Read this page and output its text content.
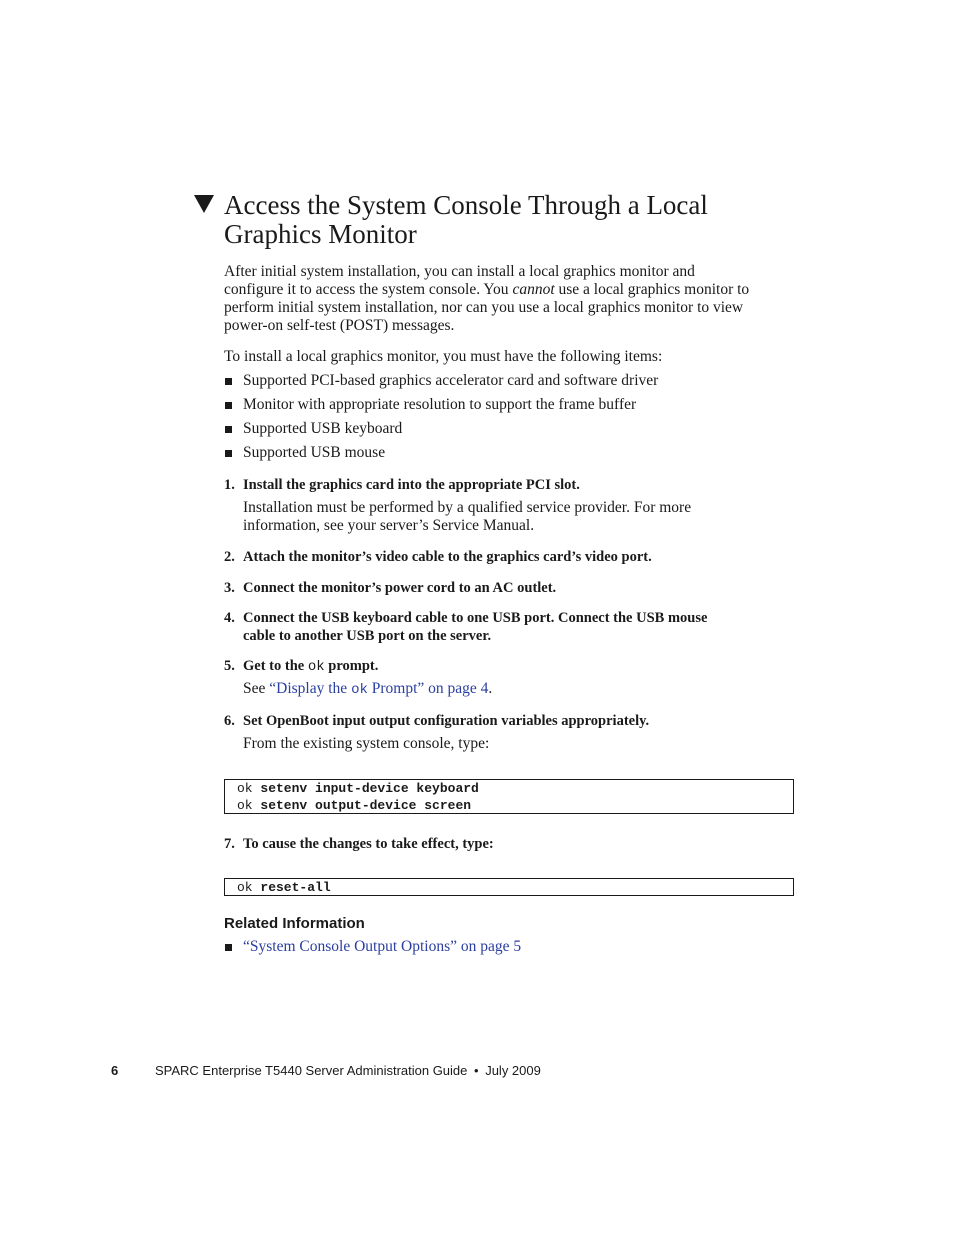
Access the System Console Through a Local
Graphics Monitor
After initial system installation, you can install a local graphics monitor and
configure it to access the system console. You cannot use a local graphics monitor to
perform initial system installation, nor can you use a local graphics monitor to view
power-on self-test (POST) messages.
To install a local graphics monitor, you must have the following items:
Supported PCI-based graphics accelerator card and software driver
Monitor with appropriate resolution to support the frame buffer
Supported USB keyboard
Supported USB mouse
1. Install the graphics card into the appropriate PCI slot.
Installation must be performed by a qualified service provider. For more
information, see your server’s Service Manual.
2. Attach the monitor’s video cable to the graphics card’s video port.
3. Connect the monitor’s power cord to an AC outlet.
4. Connect the USB keyboard cable to one USB port. Connect the USB mouse
cable to another USB port on the server.
5. Get to the ok prompt.
See “Display the ok Prompt” on page 4.
6. Set OpenBoot input output configuration variables appropriately.
From the existing system console, type:
ok setenv input-device keyboard
ok setenv output-device screen
7. To cause the changes to take effect, type:
ok reset-all
Related Information
“System Console Output Options” on page 5
6	SPARC Enterprise T5440 Server Administration Guide • July 2009
